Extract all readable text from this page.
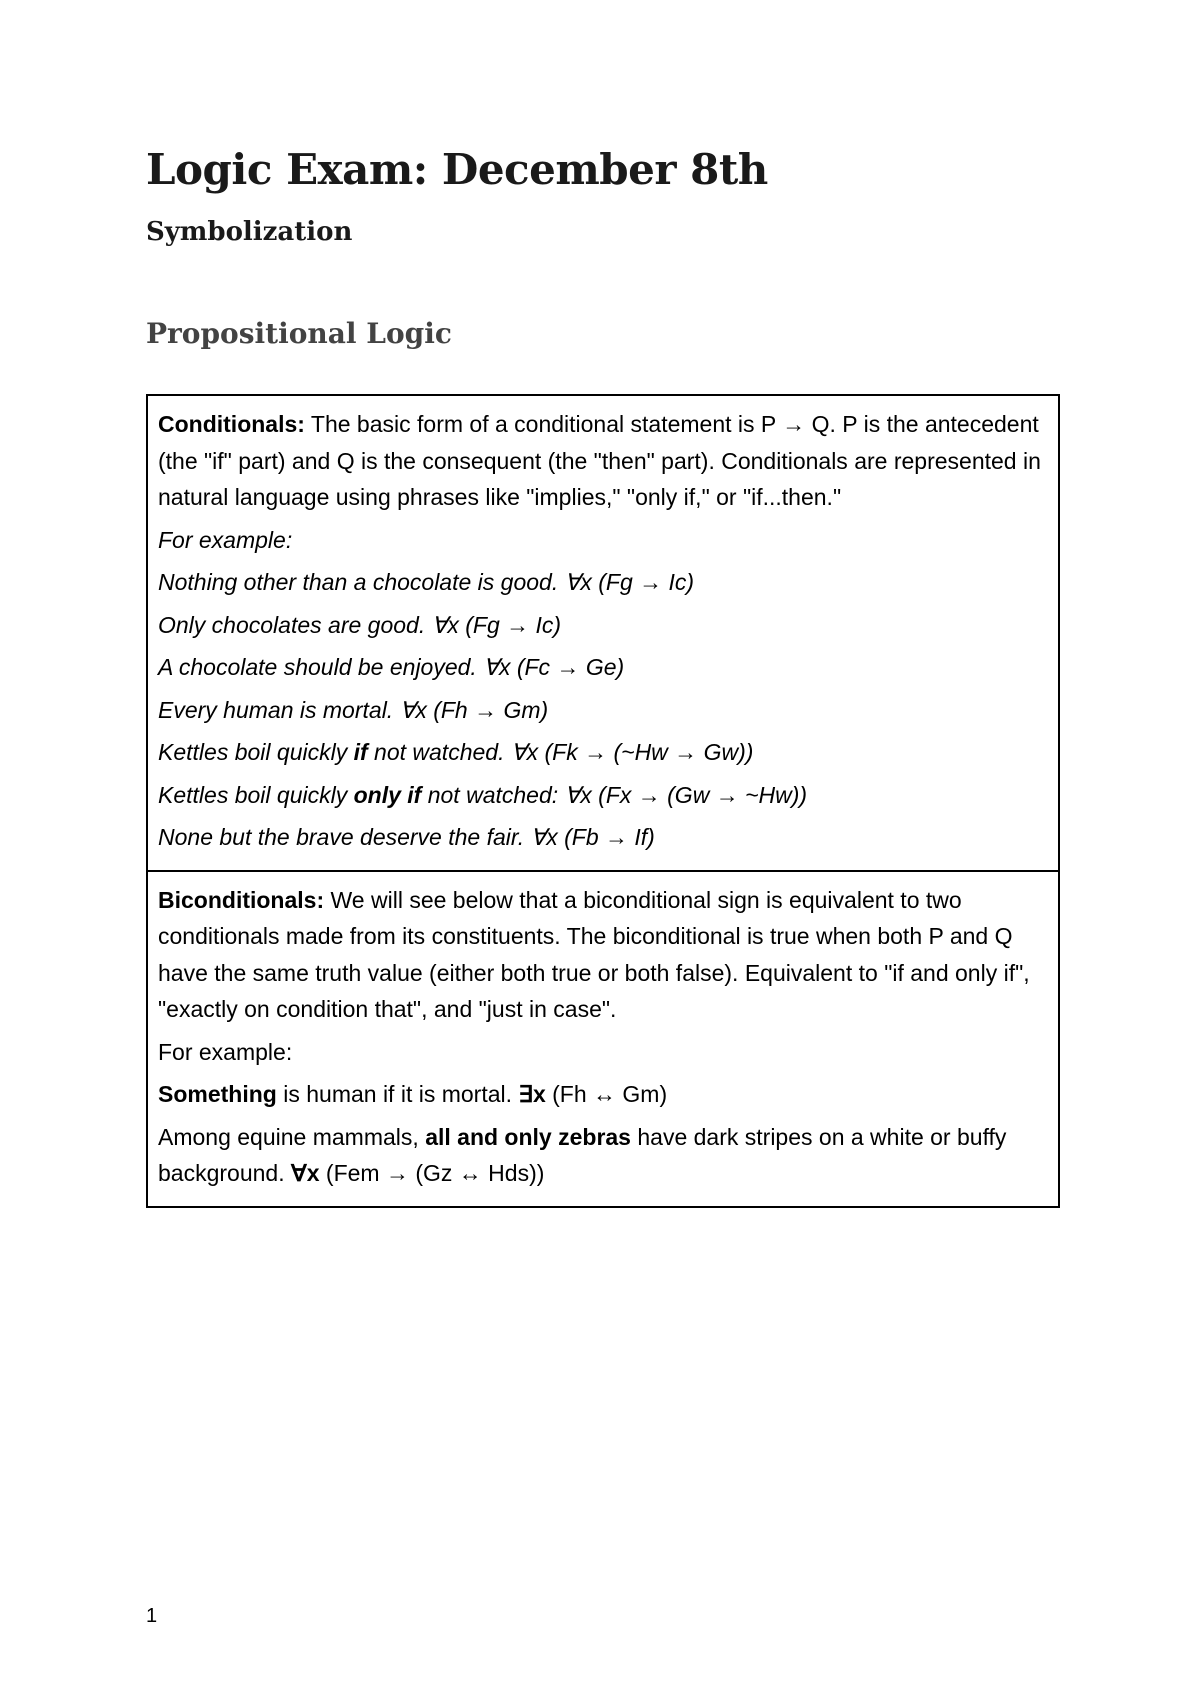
Logic Exam: December 8th
Symbolization
Propositional Logic

Conditionals: The basic form of a conditional statement is P → Q. P is the antecedent (the "if" part) and Q is the consequent (the "then" part). Conditionals are represented in natural language using phrases like "implies," "only if," or "if...then."

For example:

Nothing other than a chocolate is good. ∀x (Fg → Ic)

Only chocolates are good. ∀x (Fg → Ic)

A chocolate should be enjoyed. ∀x (Fc → Ge)

Every human is mortal. ∀x (Fh → Gm)

Kettles boil quickly if not watched. ∀x (Fk → (~Hw → Gw))

Kettles boil quickly only if not watched: ∀x (Fx → (Gw → ~Hw))

None but the brave deserve the fair. ∀x (Fb → If)

Biconditionals: We will see below that a biconditional sign is equivalent to two conditionals made from its constituents. The biconditional is true when both P and Q have the same truth value (either both true or both false). Equivalent to "if and only if", "exactly on condition that", and "just in case".

For example:

Something is human if it is mortal. ∃x (Fh ↔ Gm)

Among equine mammals, all and only zebras have dark stripes on a white or buffy background. ∀x (Fem → (Gz ↔ Hds))

1
